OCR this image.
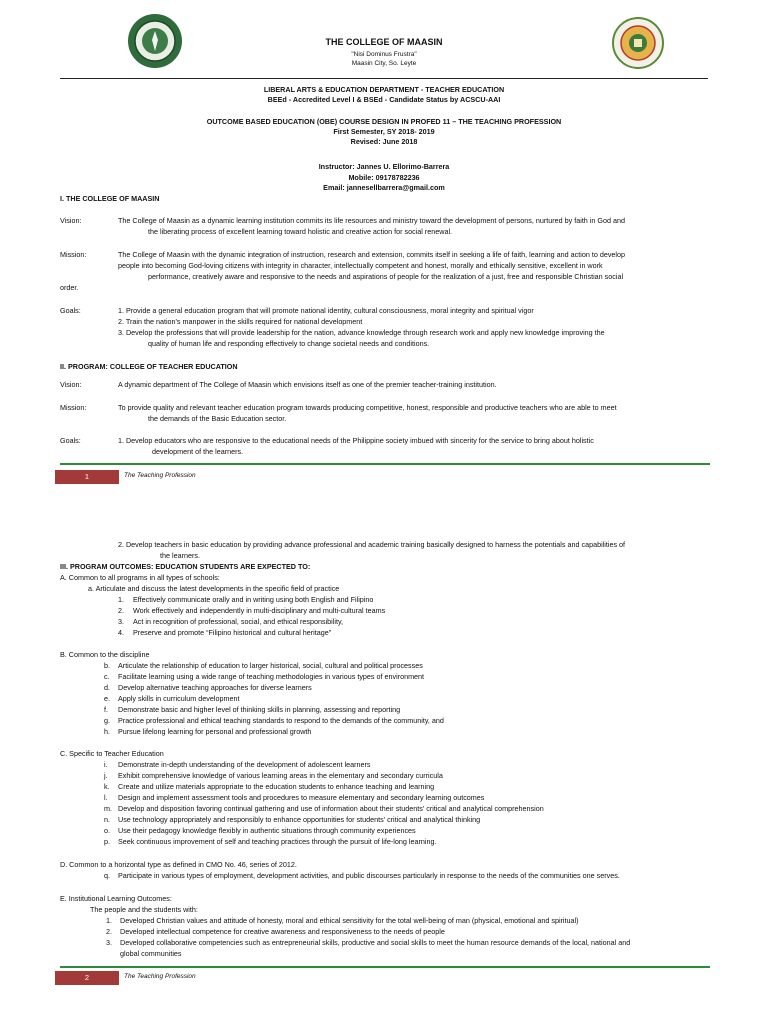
THE COLLEGE OF MAASIN
"Nisi Dominus Frustra"
Maasin City, So. Leyte
LIBERAL ARTS & EDUCATION DEPARTMENT - TEACHER EDUCATION
BEEd - Accredited Level I & BSEd - Candidate Status by ACSCU-AAI
OUTCOME BASED EDUCATION (OBE) COURSE DESIGN IN PROFED 11 – THE TEACHING PROFESSION
First Semester, SY 2018- 2019
Revised: June 2018
Instructor: Jannes U. Ellorimo-Barrera
Mobile: 09178782236
Email: jannesellbarrera@gmail.com
I. THE COLLEGE OF MAASIN
Vision:	The College of Maasin as a dynamic learning institution commits its life resources and ministry toward the development of persons, nurtured by faith in God and
the liberating process of excellent learning toward holistic and creative action for social renewal.
Mission:	The College of Maasin with the dynamic integration of instruction, research and extension, commits itself in seeking a life of faith, learning and action to develop
people into becoming God-loving citizens with integrity in character, intellectually competent and honest, morally and ethically sensitive, excellent in work
performance, creatively aware and responsive to the needs and aspirations of people for the realization of a just, free and responsible Christian social
order.
Goals:	1. Provide a general education program that will promote national identity, cultural consciousness, moral integrity and spiritual vigor
2. Train the nation's manpower in the skills required for national development
3. Develop the professions that will provide leadership for the nation, advance knowledge through research work and apply new knowledge improving the
quality of human life and responding effectively to change societal needs and conditions.
II. PROGRAM: COLLEGE OF TEACHER EDUCATION
Vision:	A dynamic department of The College of Maasin which envisions itself as one of the premier teacher-training institution.
Mission:	To provide quality and relevant teacher education program towards producing competitive, honest, responsible and productive teachers who are able to meet
the demands of the Basic Education sector.
Goals:	1. Develop educators who are responsive to the educational needs of the Philippine society imbued with sincerity for the service to bring about holistic
development of the learners.
1	The Teaching Profession
2. Develop teachers in basic education by providing advance professional and academic training basically designed to harness the potentials and capabilities of
the learners.
III. PROGRAM OUTCOMES: EDUCATION STUDENTS ARE EXPECTED TO:
A. Common to all programs in all types of schools:
a. Articulate and discuss the latest developments in the specific field of practice
1. Effectively communicate orally and in writing using both English and Filipino
2. Work effectively and independently in multi-disciplinary and multi-cultural teams
3. Act in recognition of professional, social, and ethical responsibility,
4. Preserve and promote “Filipino historical and cultural heritage”
B. Common to the discipline
b. Articulate the relationship of education to larger historical, social, cultural and political processes
c. Facilitate learning using a wide range of teaching methodologies in various types of environment
d. Develop alternative teaching approaches for diverse learners
e. Apply skills in curriculum development
f. Demonstrate basic and higher level of thinking skills in planning, assessing and reporting
g. Practice professional and ethical teaching standards to respond to the demands of the community, and
h. Pursue lifelong learning for personal and professional growth
C. Specific to Teacher Education
i. Demonstrate in-depth understanding of the development of adolescent learners
j. Exhibit comprehensive knowledge of various learning areas in the elementary and secondary curricula
k. Create and utilize materials appropriate to the education students to enhance teaching and learning
l. Design and implement assessment tools and procedures to measure elementary and secondary learning outcomes
m. Develop and disposition favoring continual gathering and use of information about their students' critical and analytical comprehension
n. Use technology appropriately and responsibly to enhance opportunities for students' critical and analytical thinking
o. Use their pedagogy knowledge flexibly in authentic situations through community experiences
p. Seek continuous improvement of self and teaching practices through the pursuit of life-long learning.
D. Common to a horizontal type as defined in CMO No. 46, series of 2012.
q. Participate in various types of employment, development activities, and public discourses particularly in response to the needs of the communities one serves.
E. Institutional Learning Outcomes:
The people and the students with:
1. Developed Christian values and attitude of honesty, moral and ethical sensitivity for the total well-being of man (physical, emotional and spiritual)
2. Developed intellectual competence for creative awareness and responsiveness to the needs of people
3. Developed collaborative competencies such as entrepreneurial skills, productive and social skills to meet the human resource demands of the local, national and
global communities
2	The Teaching Profession
